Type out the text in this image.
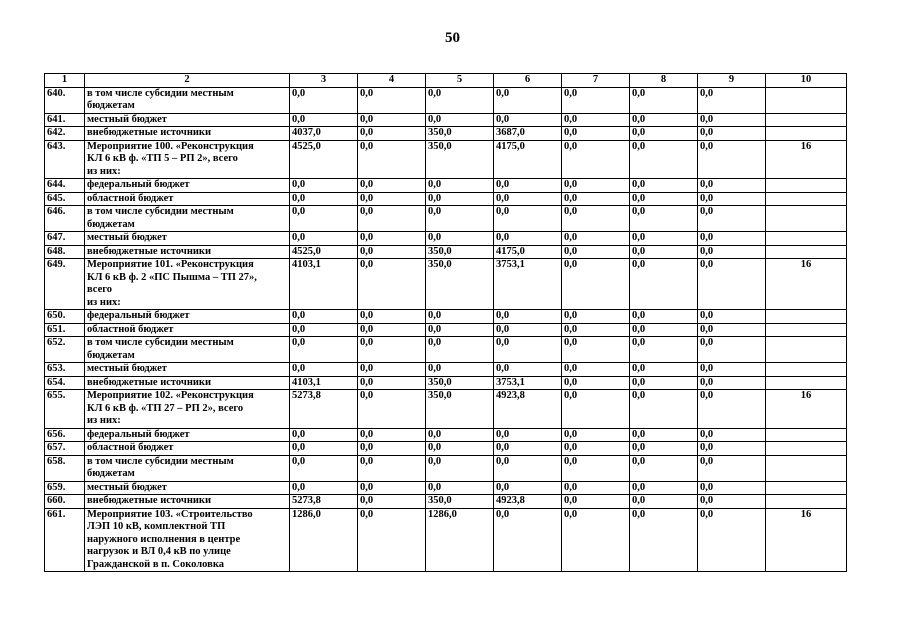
50
1	2	3	4	5	6	7	8	9	10
640.	в том числе субсидии местным
бюджетам	0,0	0,0	0,0	0,0	0,0	0,0	0,0	
641.	местный бюджет	0,0	0,0	0,0	0,0	0,0	0,0	0,0	
642.	внебюджетные источники	4037,0	0,0	350,0	3687,0	0,0	0,0	0,0	
643.	Мероприятие 100. «Реконструкция
КЛ 6 кВ ф. «ТП 5 – РП 2», всего
из них:	4525,0	0,0	350,0	4175,0	0,0	0,0	0,0	16
644.	федеральный бюджет	0,0	0,0	0,0	0,0	0,0	0,0	0,0	
645.	областной бюджет	0,0	0,0	0,0	0,0	0,0	0,0	0,0	
646.	в том числе субсидии местным
бюджетам	0,0	0,0	0,0	0,0	0,0	0,0	0,0	
647.	местный бюджет	0,0	0,0	0,0	0,0	0,0	0,0	0,0	
648.	внебюджетные источники	4525,0	0,0	350,0	4175,0	0,0	0,0	0,0	
649.	Мероприятие 101. «Реконструкция
КЛ 6 кВ ф. 2 «ПС Пышма – ТП 27»,
всего
из них:	4103,1	0,0	350,0	3753,1	0,0	0,0	0,0	16
650.	федеральный бюджет	0,0	0,0	0,0	0,0	0,0	0,0	0,0	
651.	областной бюджет	0,0	0,0	0,0	0,0	0,0	0,0	0,0	
652.	в том числе субсидии местным
бюджетам	0,0	0,0	0,0	0,0	0,0	0,0	0,0	
653.	местный бюджет	0,0	0,0	0,0	0,0	0,0	0,0	0,0	
654.	внебюджетные источники	4103,1	0,0	350,0	3753,1	0,0	0,0	0,0	
655.	Мероприятие 102. «Реконструкция
КЛ 6 кВ ф. «ТП 27 – РП 2», всего
из них:	5273,8	0,0	350,0	4923,8	0,0	0,0	0,0	16
656.	федеральный бюджет	0,0	0,0	0,0	0,0	0,0	0,0	0,0	
657.	областной бюджет	0,0	0,0	0,0	0,0	0,0	0,0	0,0	
658.	в том числе субсидии местным
бюджетам	0,0	0,0	0,0	0,0	0,0	0,0	0,0	
659.	местный бюджет	0,0	0,0	0,0	0,0	0,0	0,0	0,0	
660.	внебюджетные источники	5273,8	0,0	350,0	4923,8	0,0	0,0	0,0	
661.	Мероприятие 103. «Строительство
ЛЭП 10 кВ, комплектной ТП
наружного исполнения в центре
нагрузок и ВЛ 0,4 кВ по улице
Гражданской в п. Соколовка	1286,0	0,0	1286,0	0,0	0,0	0,0	0,0	16
